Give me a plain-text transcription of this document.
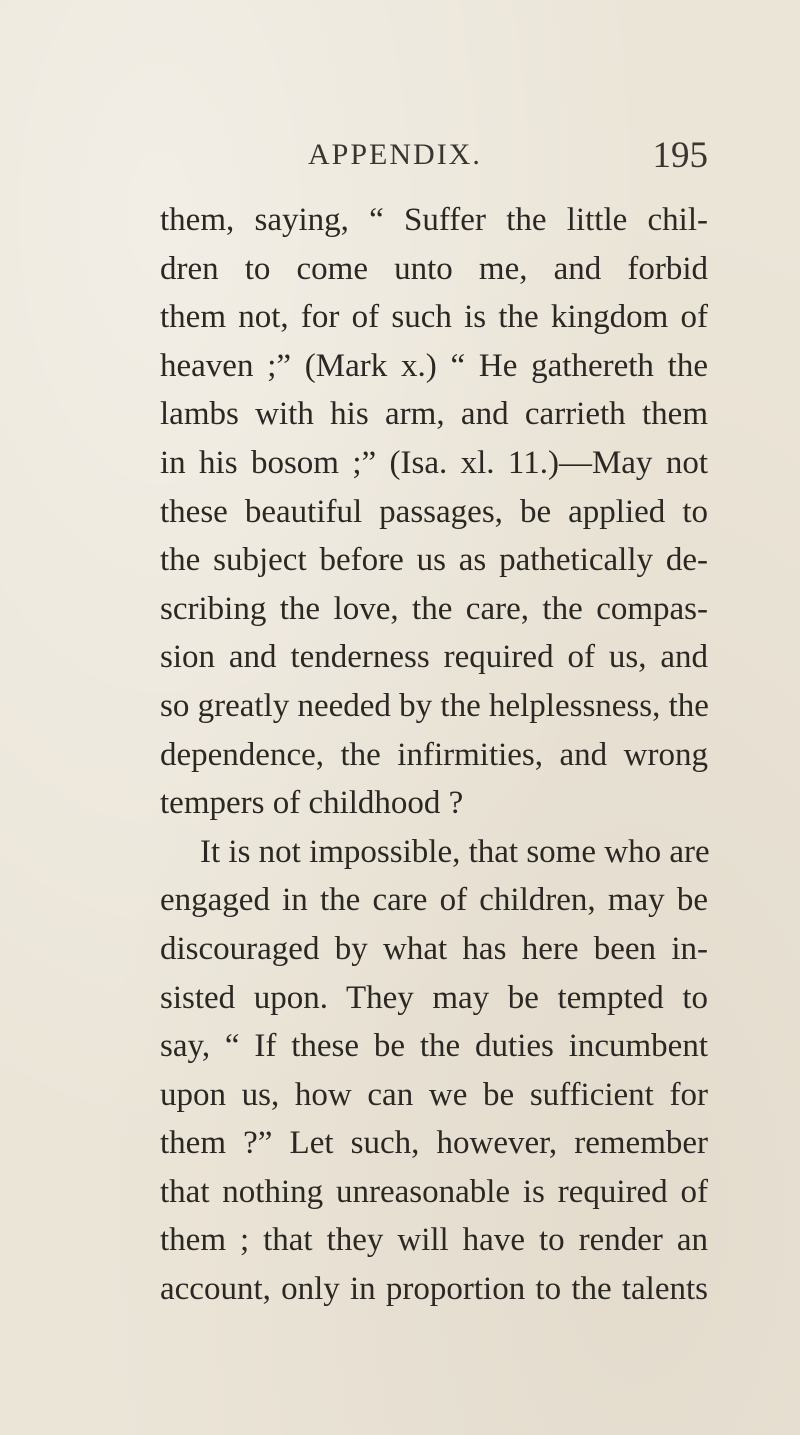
APPENDIX.	195
them, saying, “ Suffer the little chil-
dren to come unto me, and forbid
them not, for of such is the kingdom of
heaven ;” (Mark x.) “ He gathereth the
lambs with his arm, and carrieth them
in his bosom ;” (Isa. xl. 11.)—May not
these beautiful passages, be applied to
the subject before us as pathetically de-
scribing the love, the care, the compas-
sion and tenderness required of us, and
so greatly needed by the helplessness, the
dependence, the infirmities, and wrong
tempers of childhood ?
It is not impossible, that some who are
engaged in the care of children, may be
discouraged by what has here been in-
sisted upon. They may be tempted to
say, “ If these be the duties incumbent
upon us, how can we be sufficient for
them ?” Let such, however, remember
that nothing unreasonable is required of
them ; that they will have to render an
account, only in proportion to the talents
